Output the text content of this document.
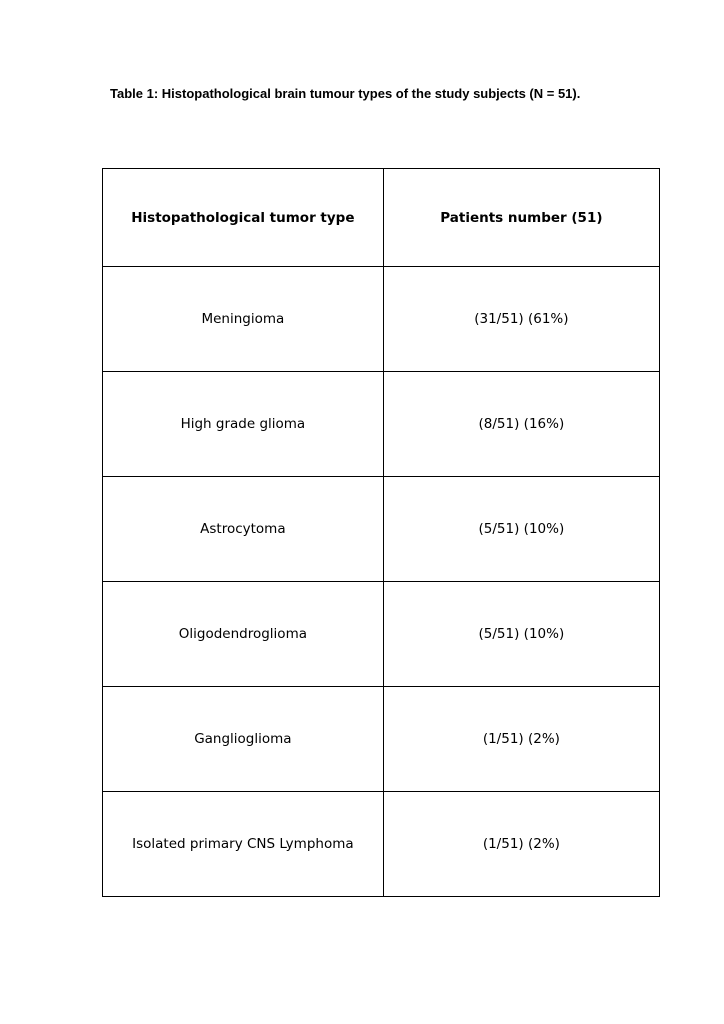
Table 1: Histopathological brain tumour types of the study subjects (N = 51).
Histopathological tumor type	Patients number (51)
Meningioma	(31/51) (61%)
High grade glioma	(8/51) (16%)
Astrocytoma	(5/51) (10%)
Oligodendroglioma	(5/51) (10%)
Ganglioglioma	(1/51) (2%)
Isolated primary CNS Lymphoma	(1/51) (2%)
